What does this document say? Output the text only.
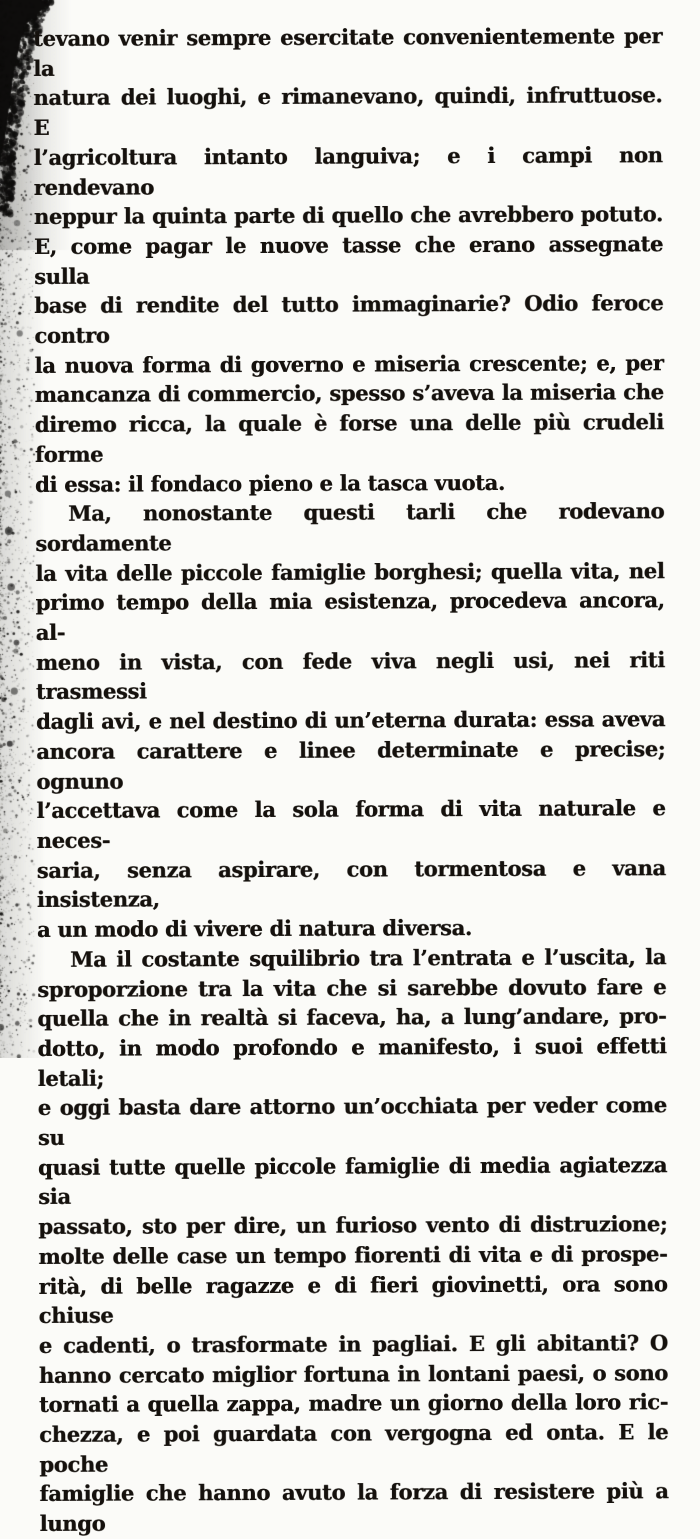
tevano venir sempre esercitate convenientemente per la
natura dei luoghi, e rimanevano, quindi, infruttuose. E
l’agricoltura intanto languiva; e i campi non rendevano
neppur la quinta parte di quello che avrebbero potuto.
E, come pagar le nuove tasse che erano assegnate sulla
base di rendite del tutto immaginarie? Odio feroce contro
la nuova forma di governo e miseria crescente; e, per
mancanza di commercio, spesso s’aveva la miseria che
diremo ricca, la quale è forse una delle più crudeli forme
di essa: il fondaco pieno e la tasca vuota.
Ma, nonostante questi tarli che rodevano sordamente
la vita delle piccole famiglie borghesi; quella vita, nel
primo tempo della mia esistenza, procedeva ancora, al-
meno in vista, con fede viva negli usi, nei riti trasmessi
dagli avi, e nel destino di un’eterna durata: essa aveva
ancora carattere e linee determinate e precise; ognuno
l’accettava come la sola forma di vita naturale e neces-
saria, senza aspirare, con tormentosa e vana insistenza,
a un modo di vivere di natura diversa.
Ma il costante squilibrio tra l’entrata e l’uscita, la
sproporzione tra la vita che si sarebbe dovuto fare e
quella che in realtà si faceva, ha, a lung’andare, pro-
dotto, in modo profondo e manifesto, i suoi effetti letali;
e oggi basta dare attorno un’occhiata per veder come su
quasi tutte quelle piccole famiglie di media agiatezza sia
passato, sto per dire, un furioso vento di distruzione;
molte delle case un tempo fiorenti di vita e di prospe-
rità, di belle ragazze e di fieri giovinetti, ora sono chiuse
e cadenti, o trasformate in pagliai. E gli abitanti? O
hanno cercato miglior fortuna in lontani paesi, o sono
tornati a quella zappa, madre un giorno della loro ric-
chezza, e poi guardata con vergogna ed onta. E le poche
famiglie che hanno avuto la forza di resistere più a lungo
